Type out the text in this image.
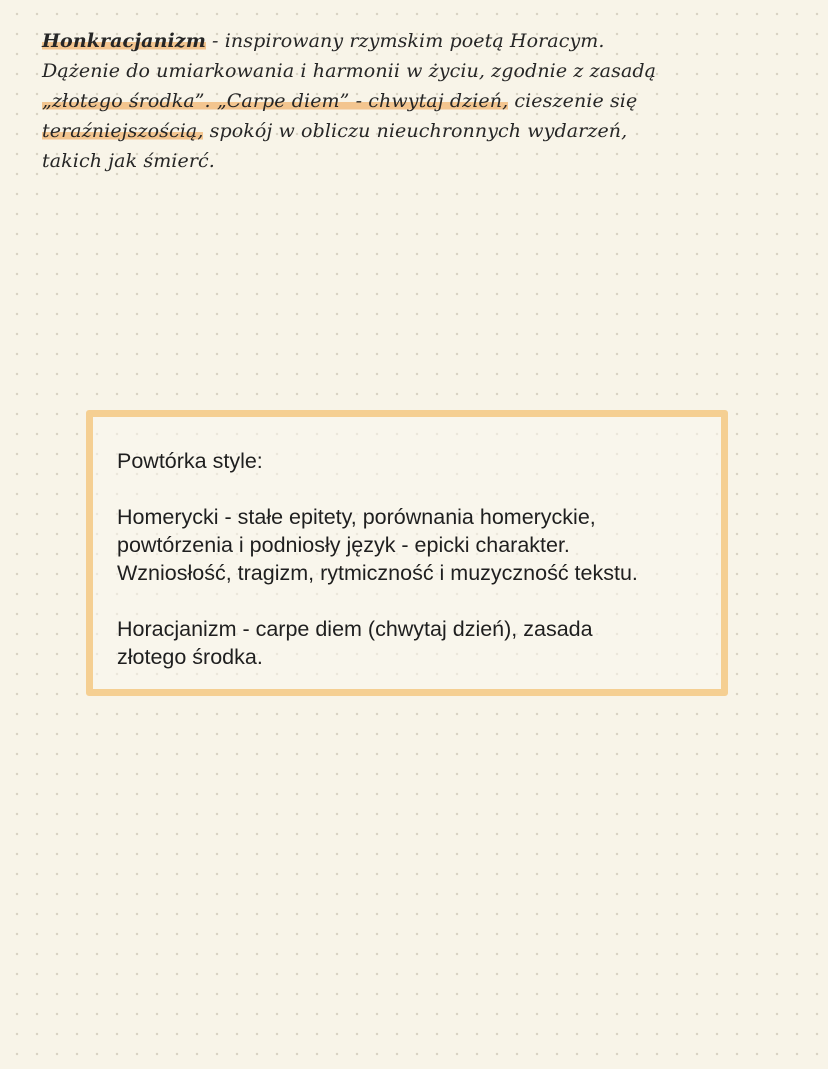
Honkracjanizm - inspirowany rzymskim poetą Horacym.
Dążenie do umiarkowania i harmonii w życiu, zgodnie z zasadą
„złotego środka”. „Carpe diem” - chwytaj dzień, cieszenie się
teraźniejszością, spokój w obliczu nieuchronnych wydarzeń,
takich jak śmierć.

Powtórka style:

Homerycki - stałe epitety, porównania homeryckie,
powtórzenia i podniosły język - epicki charakter.
Wzniosłość, tragizm, rytmiczność i muzyczność tekstu.

Horacjanizm - carpe diem (chwytaj dzień), zasada
złotego środka.
